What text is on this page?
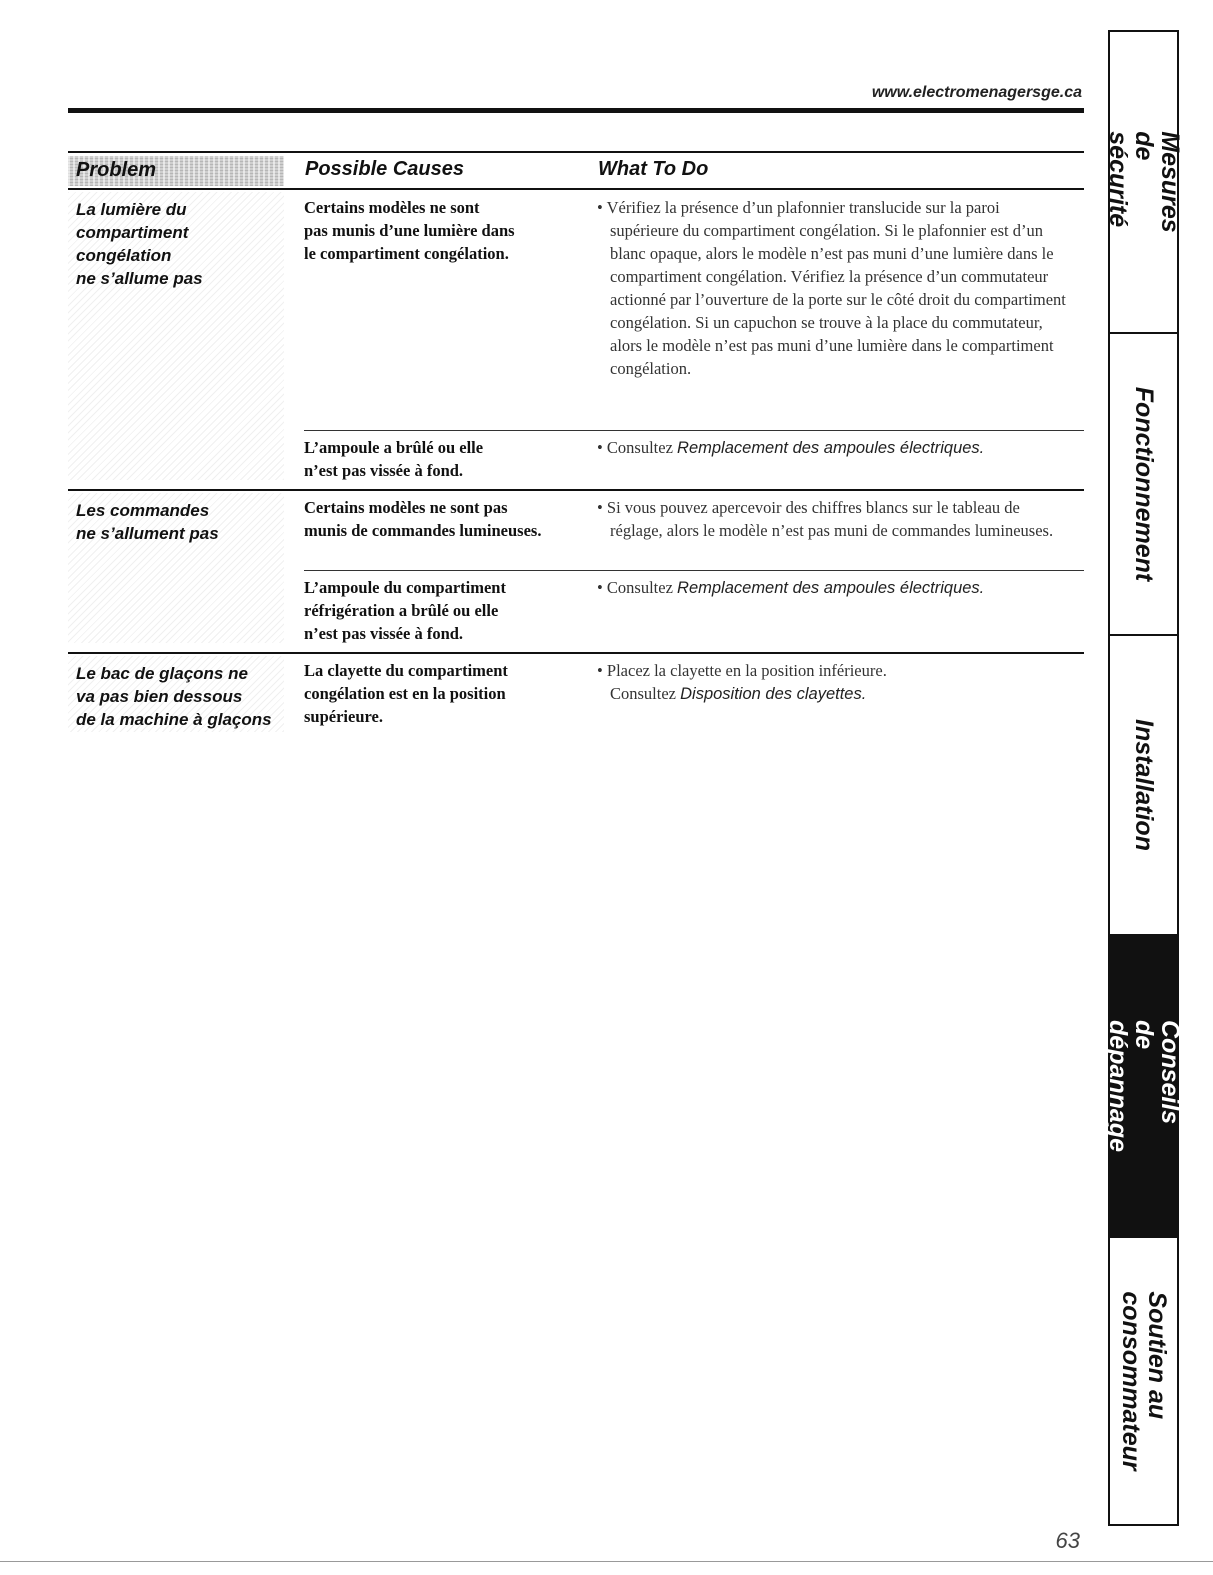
www.electromenagersge.ca
Problem	Possible Causes	What To Do
La lumière du
compartiment
congélation
ne s’allume pas
Certains modèles ne sont
pas munis d’une lumière dans
le compartiment congélation.
• Vérifiez la présence d’un plafonnier translucide sur la paroi supérieure du compartiment congélation. Si le plafonnier est d’un blanc opaque, alors le modèle n’est pas muni d’une lumière dans le compartiment congélation. Vérifiez la présence d’un commutateur actionné par l’ouverture de la porte sur le côté droit du compartiment congélation. Si un capuchon se trouve à la place du commutateur, alors le modèle n’est pas muni d’une lumière dans le compartiment congélation.
L’ampoule a brûlé ou elle
n’est pas vissée à fond.
• Consultez Remplacement des ampoules électriques.
Les commandes
ne s’allument pas
Certains modèles ne sont pas
munis de commandes lumineuses.
• Si vous pouvez apercevoir des chiffres blancs sur le tableau de réglage, alors le modèle n’est pas muni de commandes lumineuses.
L’ampoule du compartiment
réfrigération a brûlé ou elle
n’est pas vissée à fond.
• Consultez Remplacement des ampoules électriques.
Le bac de glaçons ne
va pas bien dessous
de la machine à glaçons
La clayette du compartiment
congélation est en la position
supérieure.
• Placez la clayette en la position inférieure.
Consultez Disposition des clayettes.
Mesures de sécurité
Fonctionnement
Installation
Conseils de dépannage
Soutien au
consommateur
63
